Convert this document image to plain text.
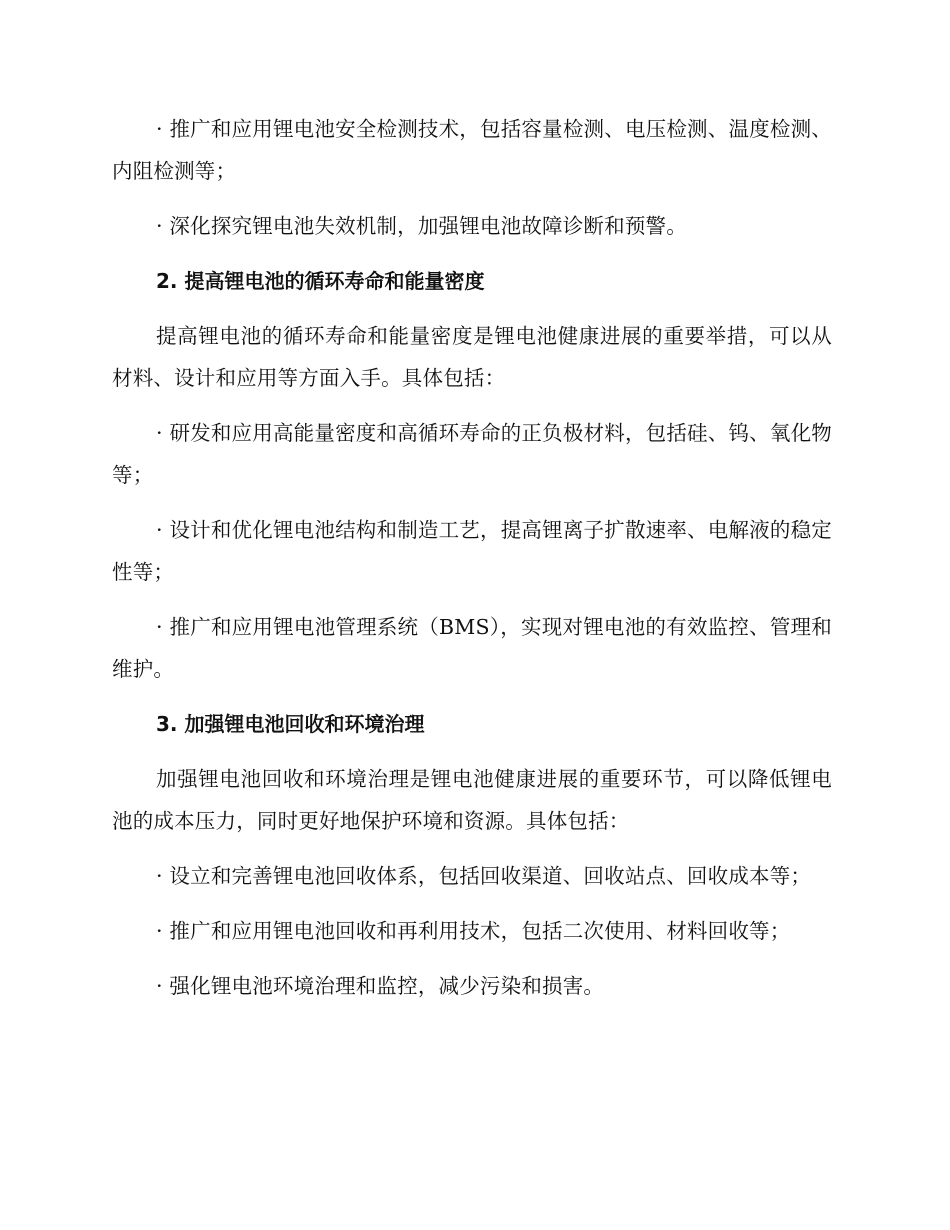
· 推广和应用锂电池安全检测技术，包括容量检测、电压检测、温度检测、内阻检测等；

· 深化探究锂电池失效机制，加强锂电池故障诊断和预警。

2. 提高锂电池的循环寿命和能量密度

提高锂电池的循环寿命和能量密度是锂电池健康进展的重要举措，可以从材料、设计和应用等方面入手。具体包括：

· 研发和应用高能量密度和高循环寿命的正负极材料，包括硅、钨、氧化物等；

· 设计和优化锂电池结构和制造工艺，提高锂离子扩散速率、电解液的稳定性等；

· 推广和应用锂电池管理系统（BMS），实现对锂电池的有效监控、管理和维护。

3. 加强锂电池回收和环境治理

加强锂电池回收和环境治理是锂电池健康进展的重要环节，可以降低锂电池的成本压力，同时更好地保护环境和资源。具体包括：

· 设立和完善锂电池回收体系，包括回收渠道、回收站点、回收成本等；

· 推广和应用锂电池回收和再利用技术，包括二次使用、材料回收等；

· 强化锂电池环境治理和监控，减少污染和损害。
